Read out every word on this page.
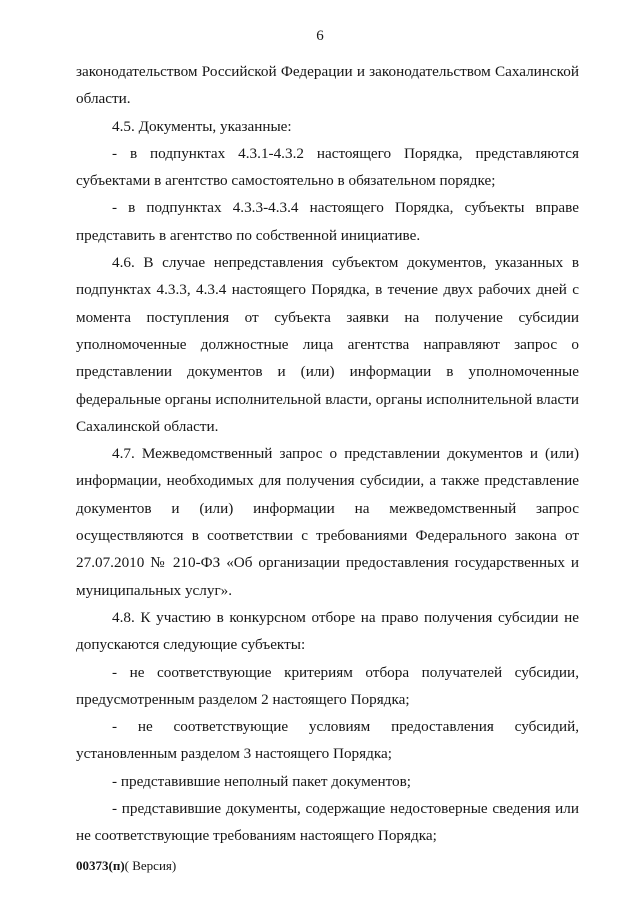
6

законодательством Российской Федерации и законодательством Сахалинской области.

4.5. Документы, указанные:

- в подпунктах 4.3.1-4.3.2 настоящего Порядка, представляются субъектами в агентство самостоятельно в обязательном порядке;

- в подпунктах 4.3.3-4.3.4 настоящего Порядка, субъекты вправе представить в агентство по собственной инициативе.

4.6. В случае непредставления субъектом документов, указанных в подпунктах 4.3.3, 4.3.4 настоящего Порядка, в течение двух рабочих дней с момента поступления от субъекта заявки на получение субсидии уполномоченные должностные лица агентства направляют запрос о представлении документов и (или) информации в уполномоченные федеральные органы исполнительной власти, органы исполнительной власти Сахалинской области.

4.7. Межведомственный запрос о представлении документов и (или) информации, необходимых для получения субсидии, а также представление документов и (или) информации на межведомственный запрос осуществляются в соответствии с требованиями Федерального закона от 27.07.2010 № 210-ФЗ «Об организации предоставления государственных и муниципальных услуг».

4.8. К участию в конкурсном отборе на право получения субсидии не допускаются следующие субъекты:

- не соответствующие критериям отбора получателей субсидии, предусмотренным разделом 2 настоящего Порядка;

- не соответствующие условиям предоставления субсидий, установленным разделом 3 настоящего Порядка;

- представившие неполный пакет документов;

- представившие документы, содержащие недостоверные сведения или не соответствующие требованиям настоящего Порядка;

00373(п)( Версия)
